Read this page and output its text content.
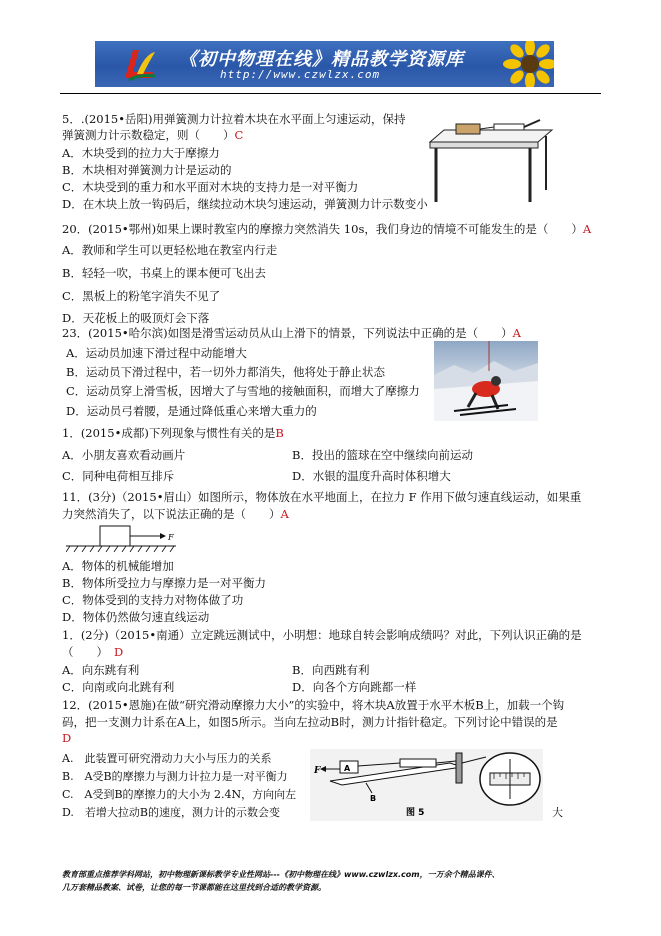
《初中物理在线》精品教学资源库
http://www.czwlzx.com
5．.(2015•岳阳)用弹簧测力计拉着木块在水平面上匀速运动，保持
弹簧测力计示数稳定，则（　　）C
A．木块受到的拉力大于摩擦力
B．木块相对弹簧测力计是运动的
C．木块受到的重力和水平面对木块的支持力是一对平衡力
D．在木块上放一钩码后，继续拉动木块匀速运动，弹簧测力计示数变小
20．(2015•鄂州)如果上课时教室内的摩擦力突然消失 10s，我们身边的情境不可能发生的是（　　）A
A．教师和学生可以更轻松地在教室内行走
B．轻轻一吹，书桌上的课本便可飞出去
C．黑板上的粉笔字消失不见了
D．天花板上的吸顶灯会下落
23．(2015•哈尔滨)如图是滑雪运动员从山上滑下的情景，下列说法中正确的是（　　）A
A．运动员加速下滑过程中动能增大
B．运动员下滑过程中，若一切外力都消失，他将处于静止状态
C．运动员穿上滑雪板，因增大了与雪地的接触面积，而增大了摩擦力
D．运动员弓着腰，是通过降低重心来增大重力的
1．(2015•成都)下列现象与惯性有关的是B
A．小朋友喜欢看动画片	B．投出的篮球在空中继续向前运动
C．同种电荷相互排斥	D．水银的温度升高时体积增大
11．(3分)（2015•眉山）如图所示，物体放在水平地面上，在拉力 F 作用下做匀速直线运动，如果重
力突然消失了，以下说法正确的是（　　）A
F
A．物体的机械能增加
B．物体所受拉力与摩擦力是一对平衡力
C．物体受到的支持力对物体做了功
D．物体仍然做匀速直线运动
1．(2分)（2015•南通）立定跳远测试中，小明想：地球自转会影响成绩吗？对此，下列认识正确的是
（　　） D
A．向东跳有利	B．向西跳有利
C．向南或向北跳有利	D．向各个方向跳都一样
12．(2015•恩施)在做“研究滑动摩擦力大小”的实验中，将木块A放置于水平木板B上，加载一个钩
码，把一支测力计系在A上，如图5所示。当向左拉动B时，测力计指针稳定。下列讨论中错误的是
D
A.　此装置可研究滑动力大小与压力的关系
B.　A受B的摩擦力与测力计拉力是一对平衡力
C.　A受到B的摩擦力的大小为 2.4N，方向向左
D.　若增大拉动B的速度，测力计的示数会变	大
F	A
B
图 5
教育部重点推荐学科网站，初中物理新课标教学专业性网站---《初中物理在线》www.czwlzx.com，一万余个精品课件、
几万套精品教案、试卷，让您的每一节课都能在这里找到合适的教学资源。
